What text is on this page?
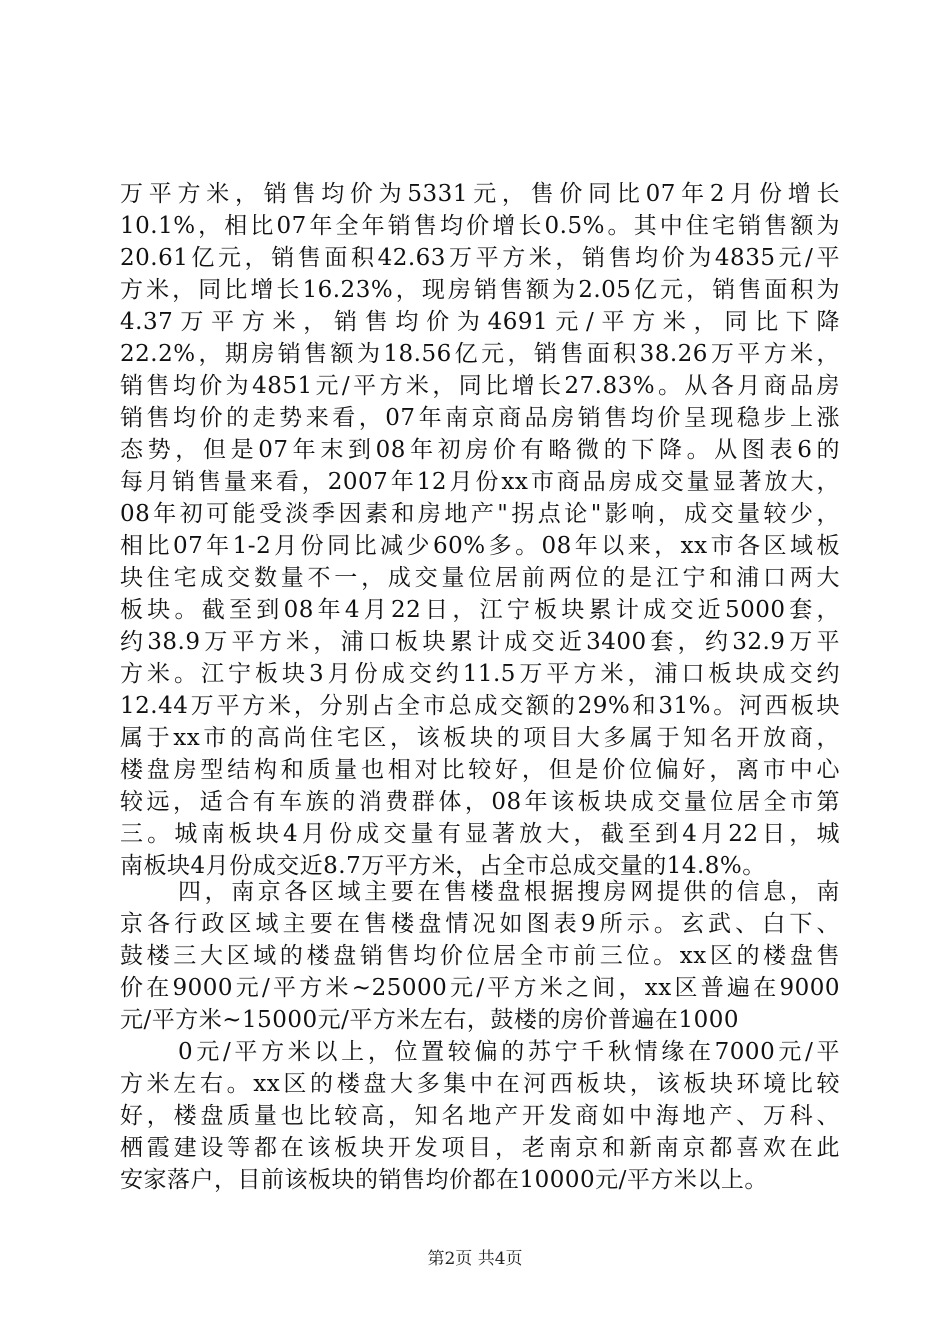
万平方米，销售均价为5331元，售价同比07年2月份增长
10.1%，相比07年全年销售均价增长0.5%。其中住宅销售额为
20.61亿元，销售面积42.63万平方米，销售均价为4835元/平
方米，同比增长16.23%，现房销售额为2.05亿元，销售面积为
4.37万平方米，销售均价为4691元/平方米，同比下降
22.2%，期房销售额为18.56亿元，销售面积38.26万平方米，
销售均价为4851元/平方米，同比增长27.83%。从各月商品房
销售均价的走势来看，07年南京商品房销售均价呈现稳步上涨
态势，但是07年末到08年初房价有略微的下降。从图表6的
每月销售量来看，2007年12月份xx市商品房成交量显著放大，
08年初可能受淡季因素和房地产"拐点论"影响，成交量较少，
相比07年1-2月份同比减少60%多。08年以来，xx市各区域板
块住宅成交数量不一，成交量位居前两位的是江宁和浦口两大
板块。截至到08年4月22日，江宁板块累计成交近5000套，
约38.9万平方米，浦口板块累计成交近3400套，约32.9万平
方米。江宁板块3月份成交约11.5万平方米，浦口板块成交约
12.44万平方米，分别占全市总成交额的29%和31%。河西板块
属于xx市的高尚住宅区，该板块的项目大多属于知名开放商，
楼盘房型结构和质量也相对比较好，但是价位偏好，离市中心
较远，适合有车族的消费群体，08年该板块成交量位居全市第
三。城南板块4月份成交量有显著放大，截至到4月22日，城
南板块4月份成交近8.7万平方米，占全市总成交量的14.8%。
四，南京各区域主要在售楼盘根据搜房网提供的信息，南
京各行政区域主要在售楼盘情况如图表9所示。玄武、白下、
鼓楼三大区域的楼盘销售均价位居全市前三位。xx区的楼盘售
价在9000元/平方米~25000元/平方米之间，xx区普遍在9000
元/平方米~15000元/平方米左右，鼓楼的房价普遍在1000
0元/平方米以上，位置较偏的苏宁千秋情缘在7000元/平
方米左右。xx区的楼盘大多集中在河西板块，该板块环境比较
好，楼盘质量也比较高，知名地产开发商如中海地产、万科、
栖霞建设等都在该板块开发项目，老南京和新南京都喜欢在此
安家落户，目前该板块的销售均价都在10000元/平方米以上。
第2页 共4页
